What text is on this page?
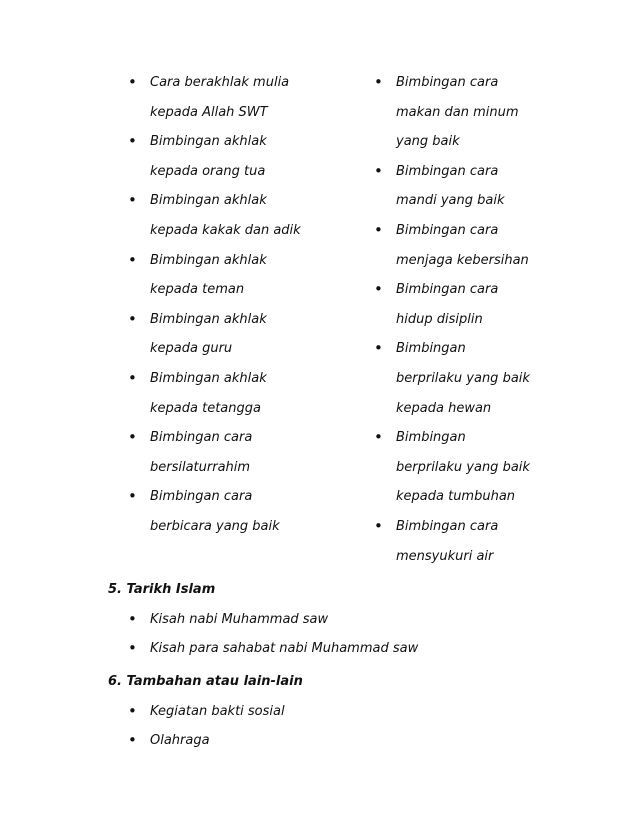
• Cara berakhlak mulia
kepada Allah SWT
• Bimbingan akhlak
kepada orang tua
• Bimbingan akhlak
kepada kakak dan adik
• Bimbingan akhlak
kepada teman
• Bimbingan akhlak
kepada guru
• Bimbingan akhlak
kepada tetangga
• Bimbingan cara
bersilaturrahim
• Bimbingan cara
berbicara yang baik
• Bimbingan cara
makan dan minum
yang baik
• Bimbingan cara
mandi yang baik
• Bimbingan cara
menjaga kebersihan
• Bimbingan cara
hidup disiplin
• Bimbingan
berprilaku yang baik
kepada hewan
• Bimbingan
berprilaku yang baik
kepada tumbuhan
• Bimbingan cara
mensyukuri air
5. Tarikh Islam
• Kisah nabi Muhammad saw
• Kisah para sahabat nabi Muhammad saw
6. Tambahan atau lain-lain
• Kegiatan bakti sosial
• Olahraga
